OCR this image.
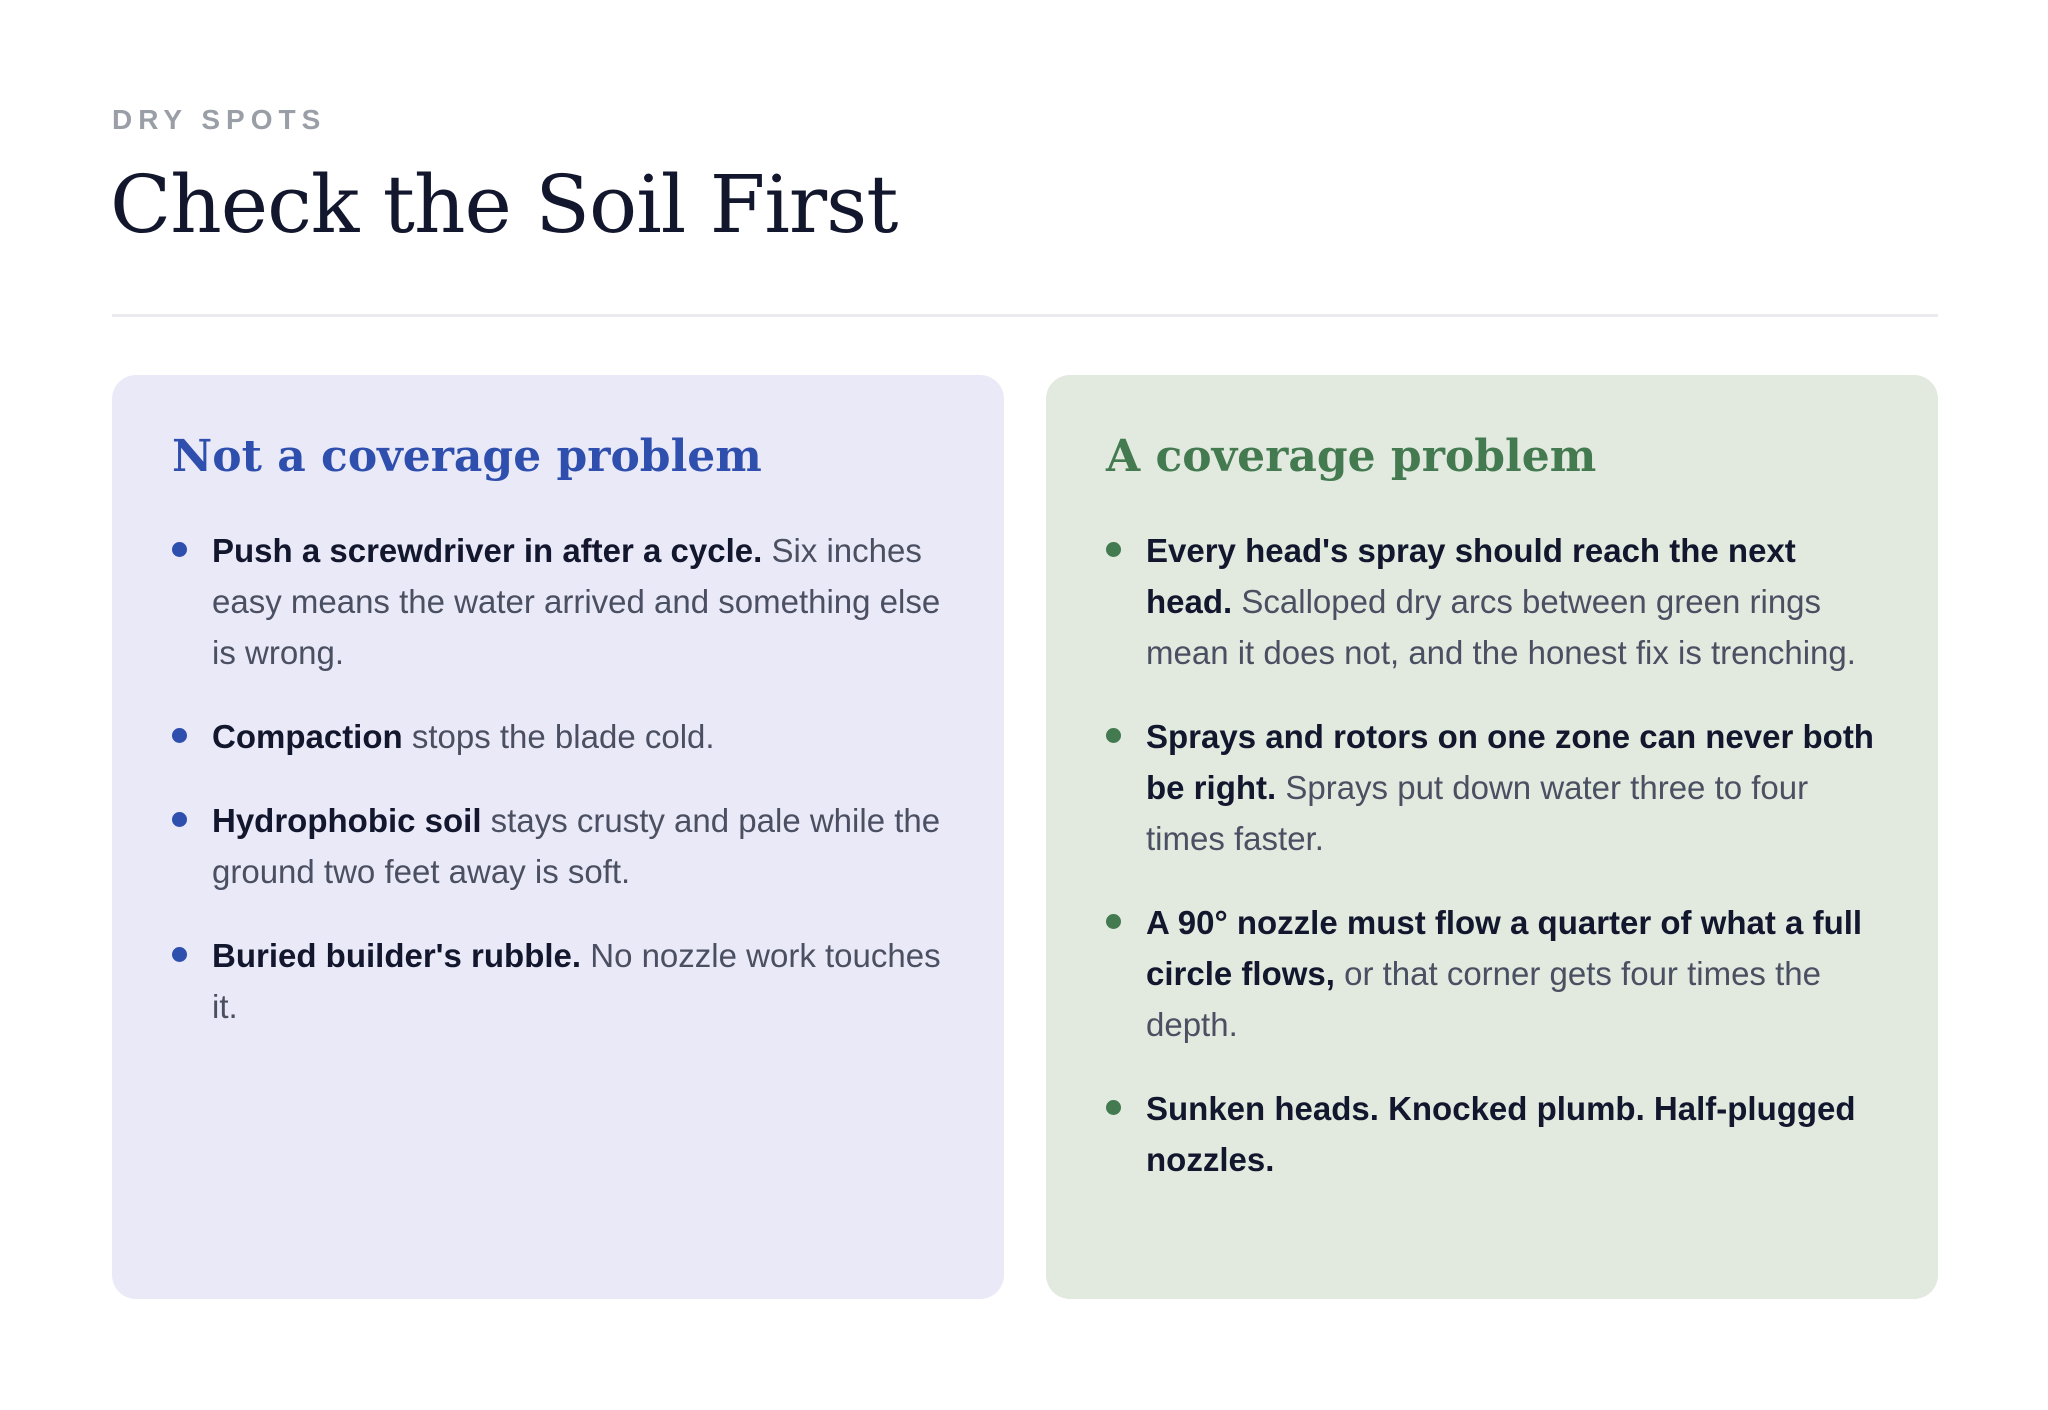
DRY SPOTS
Check the Soil First
Not a coverage problem
Push a screwdriver in after a cycle. Six inches easy means the water arrived and something else is wrong.
Compaction stops the blade cold.
Hydrophobic soil stays crusty and pale while the ground two feet away is soft.
Buried builder's rubble. No nozzle work touches it.
A coverage problem
Every head's spray should reach the next head. Scalloped dry arcs between green rings mean it does not, and the honest fix is trenching.
Sprays and rotors on one zone can never both be right. Sprays put down water three to four times faster.
A 90° nozzle must flow a quarter of what a full circle flows, or that corner gets four times the depth.
Sunken heads. Knocked plumb. Half-plugged nozzles.
